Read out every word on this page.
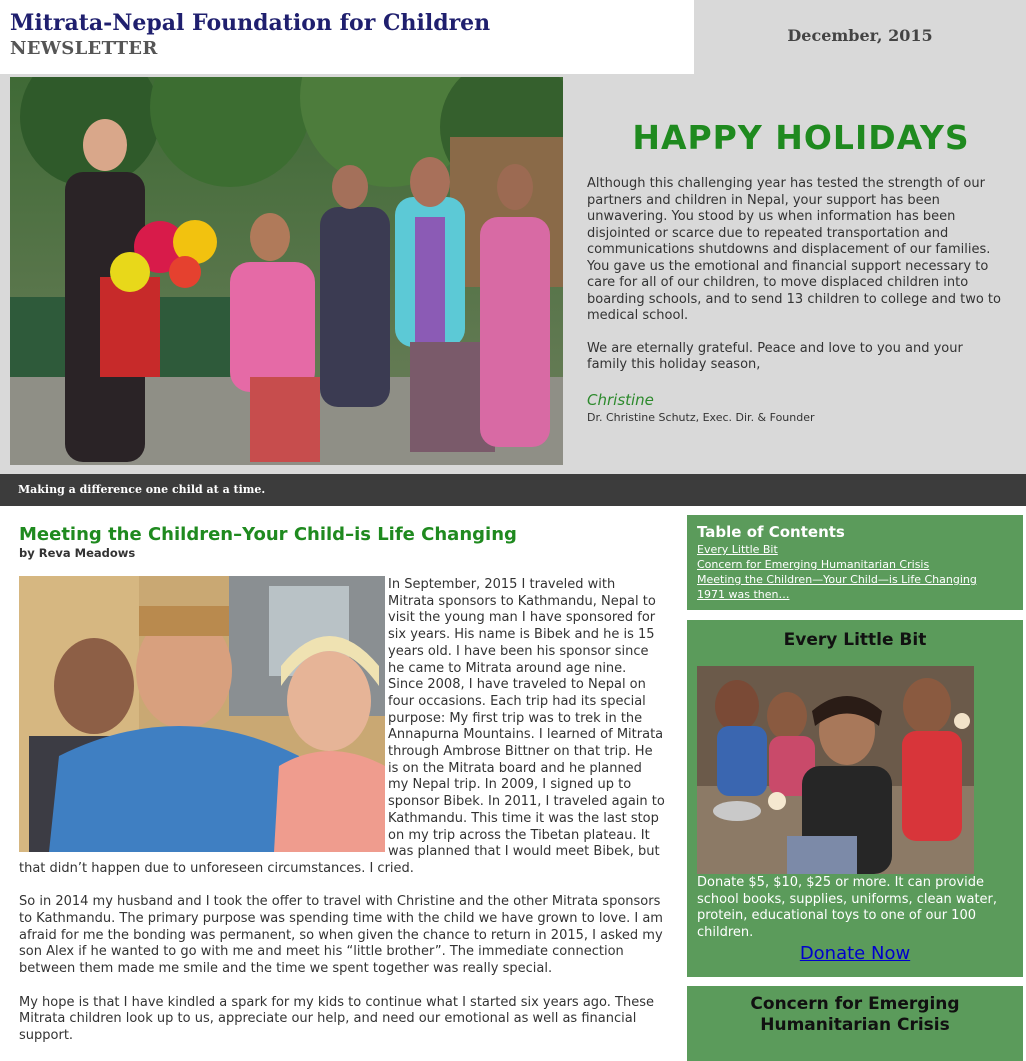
Mitrata-Nepal Foundation for Children
NEWSLETTER
December, 2015
HAPPY HOLIDAYS

Although this challenging year has tested the strength of our partners and children in Nepal, your support has been unwavering. You stood by us when information has been disjointed or scarce due to repeated transportation and communications shutdowns and displacement of our families. You gave us the emotional and financial support necessary to care for all of our children, to move displaced children into boarding schools, and to send 13 children to college and two to medical school.

We are eternally grateful. Peace and love to you and your family this holiday season,

Christine
Dr. Christine Schutz, Exec. Dir. & Founder
Making a difference one child at a time.
Meeting the Children–Your Child–is Life Changing
by Reva Meadows

In September, 2015 I traveled with Mitrata sponsors to Kathmandu, Nepal to visit the young man I have sponsored for six years. His name is Bibek and he is 15 years old. I have been his sponsor since he came to Mitrata around age nine. Since 2008, I have traveled to Nepal on four occasions. Each trip had its special purpose: My first trip was to trek in the Annapurna Mountains. I learned of Mitrata through Ambrose Bittner on that trip. He is on the Mitrata board and he planned my Nepal trip. In 2009, I signed up to sponsor Bibek. In 2011, I traveled again to Kathmandu. This time it was the last stop on my trip across the Tibetan plateau. It was planned that I would meet Bibek, but that didn’t happen due to unforeseen circumstances. I cried.

So in 2014 my husband and I took the offer to travel with Christine and the other Mitrata sponsors to Kathmandu. The primary purpose was spending time with the child we have grown to love. I am afraid for me the bonding was permanent, so when given the chance to return in 2015, I asked my son Alex if he wanted to go with me and meet his “little brother”. The immediate connection between them made me smile and the time we spent together was really special.

My hope is that I have kindled a spark for my kids to continue what I started six years ago. These Mitrata children look up to us, appreciate our help, and need our emotional as well as financial support.

Table of Contents
Every Little Bit
Concern for Emerging Humanitarian Crisis
Meeting the Children—Your Child—is Life Changing
1971 was then…
Every Little Bit
Donate $5, $10, $25 or more. It can provide school books, supplies, uniforms, clean water, protein, educational toys to one of our 100 children.
Donate Now
Concern for Emerging
Humanitarian Crisis
